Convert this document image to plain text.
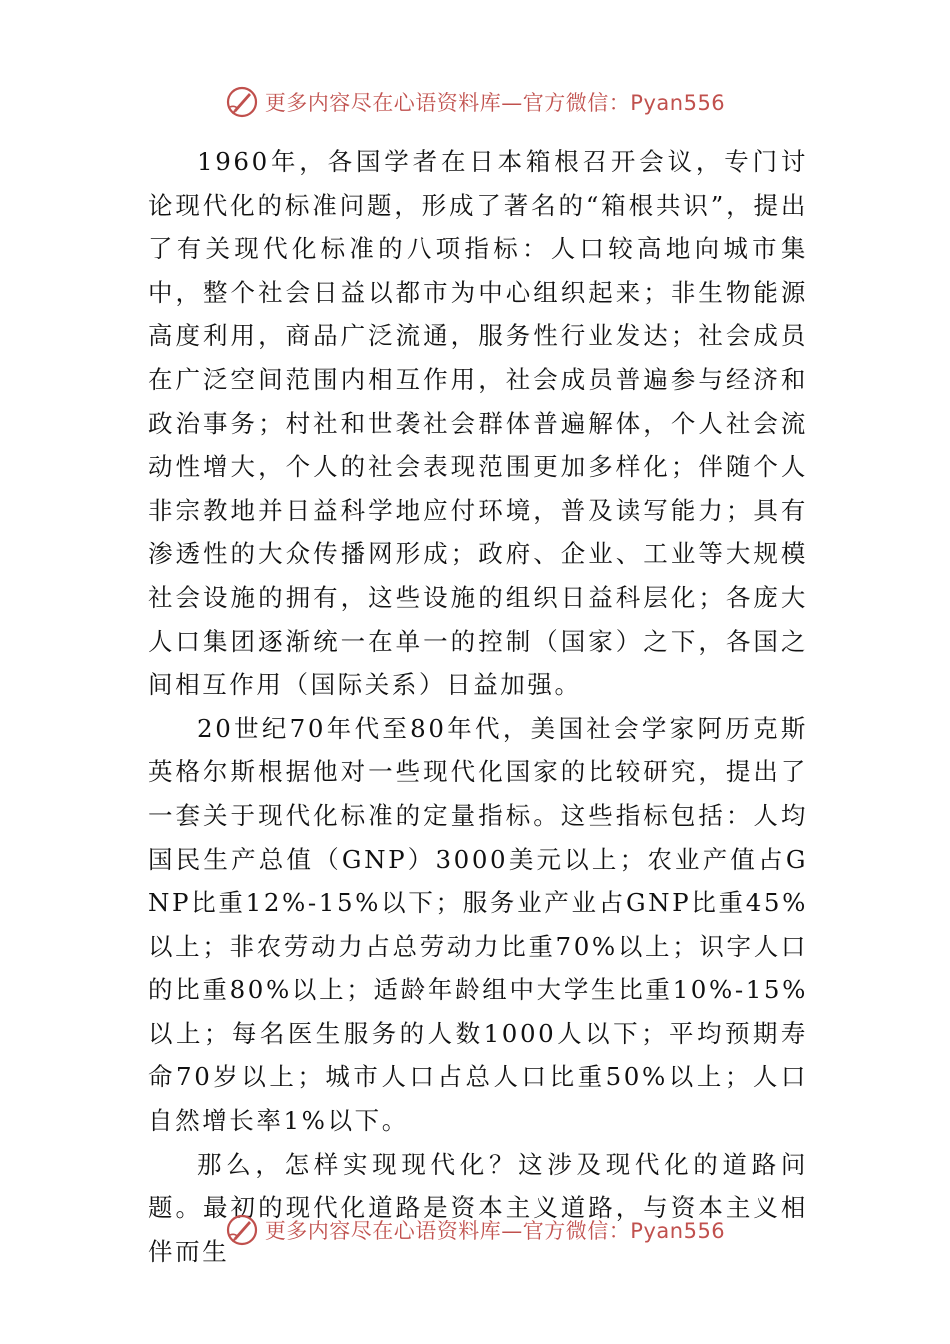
更多内容尽在心语资料库—官方微信：Pyan556

1960年，各国学者在日本箱根召开会议，专门讨论现代化的标准问题，形成了著名的“箱根共识”，提出了有关现代化标准的八项指标：人口较高地向城市集中，整个社会日益以都市为中心组织起来；非生物能源高度利用，商品广泛流通，服务性行业发达；社会成员在广泛空间范围内相互作用，社会成员普遍参与经济和政治事务；村社和世袭社会群体普遍解体，个人社会流动性增大，个人的社会表现范围更加多样化；伴随个人非宗教地并日益科学地应付环境，普及读写能力；具有渗透性的大众传播网形成；政府、企业、工业等大规模社会设施的拥有，这些设施的组织日益科层化；各庞大人口集团逐渐统一在单一的控制（国家）之下，各国之间相互作用（国际关系）日益加强。

20世纪70年代至80年代，美国社会学家阿历克斯英格尔斯根据他对一些现代化国家的比较研究，提出了一套关于现代化标准的定量指标。这些指标包括：人均国民生产总值（GNP）3000美元以上；农业产值占GNP比重12%-15%以下；服务业产业占GNP比重45%以上；非农劳动力占总劳动力比重70%以上；识字人口的比重80%以上；适龄年龄组中大学生比重10%-15%以上；每名医生服务的人数1000人以下；平均预期寿命70岁以上；城市人口占总人口比重50%以上；人口自然增长率1%以下。

那么，怎样实现现代化？这涉及现代化的道路问题。最初的现代化道路是资本主义道路，与资本主义相伴而生

更多内容尽在心语资料库—官方微信：Pyan556
